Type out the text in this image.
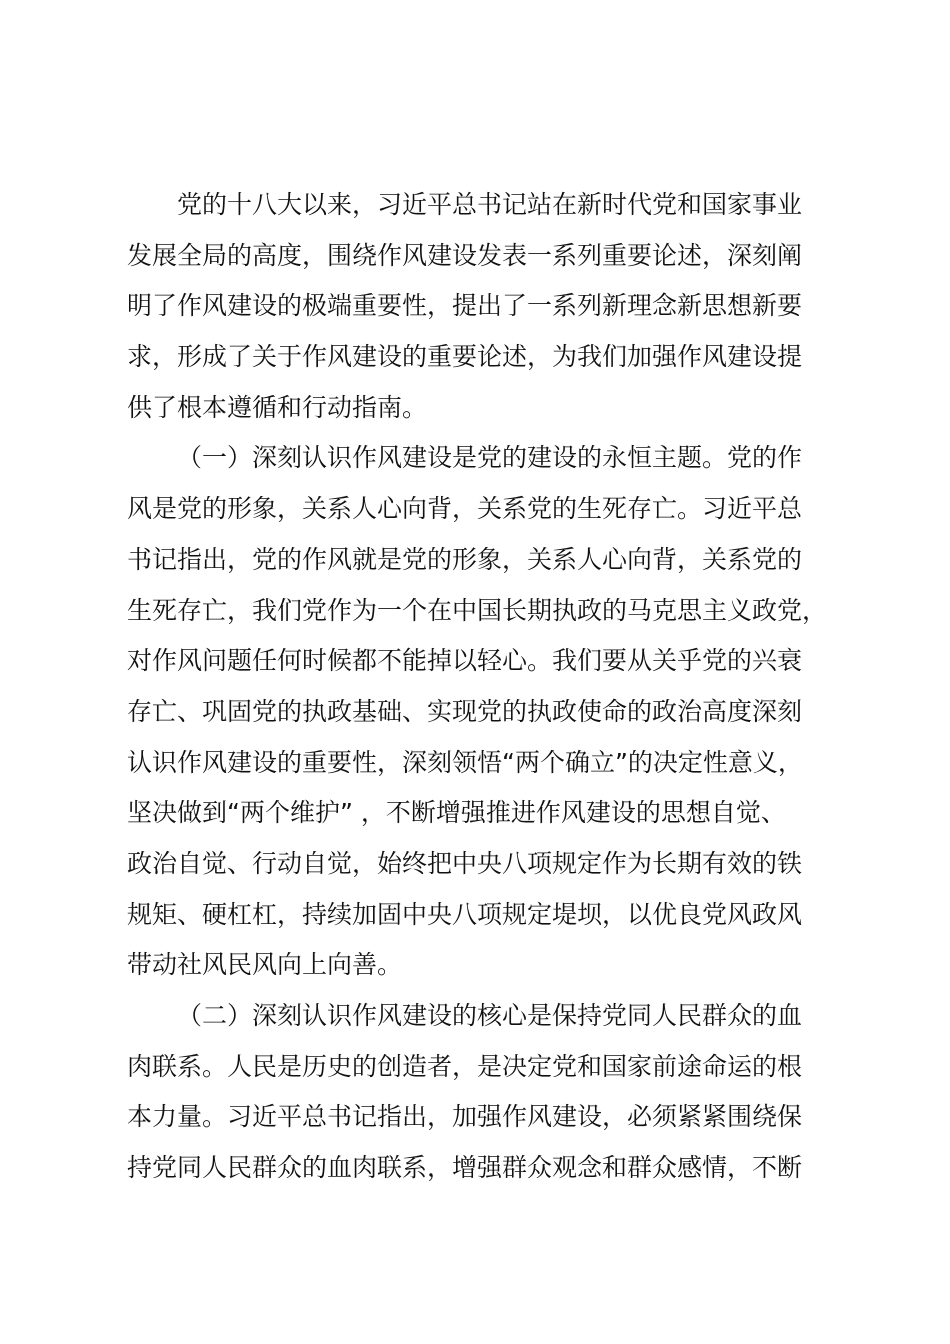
党的十八大以来，习近平总书记站在新时代党和国家事业
发展全局的高度，围绕作风建设发表一系列重要论述，深刻阐
明了作风建设的极端重要性，提出了一系列新理念新思想新要
求，形成了关于作风建设的重要论述，为我们加强作风建设提
供了根本遵循和行动指南。
（一）深刻认识作风建设是党的建设的永恒主题。党的作
风是党的形象，关系人心向背，关系党的生死存亡。习近平总
书记指出，党的作风就是党的形象，关系人心向背，关系党的
生死存亡，我们党作为一个在中国长期执政的马克思主义政党，
对作风问题任何时候都不能掉以轻心。我们要从关乎党的兴衰
存亡、巩固党的执政基础、实现党的执政使命的政治高度深刻
认识作风建设的重要性，深刻领悟“两个确立”的决定性意义，
坚决做到“两个维护” ，不断增强推进作风建设的思想自觉、
政治自觉、行动自觉，始终把中央八项规定作为长期有效的铁
规矩、硬杠杠，持续加固中央八项规定堤坝，以优良党风政风
带动社风民风向上向善。
（二）深刻认识作风建设的核心是保持党同人民群众的血
肉联系。人民是历史的创造者，是决定党和国家前途命运的根
本力量。习近平总书记指出，加强作风建设，必须紧紧围绕保
持党同人民群众的血肉联系，增强群众观念和群众感情，不断
